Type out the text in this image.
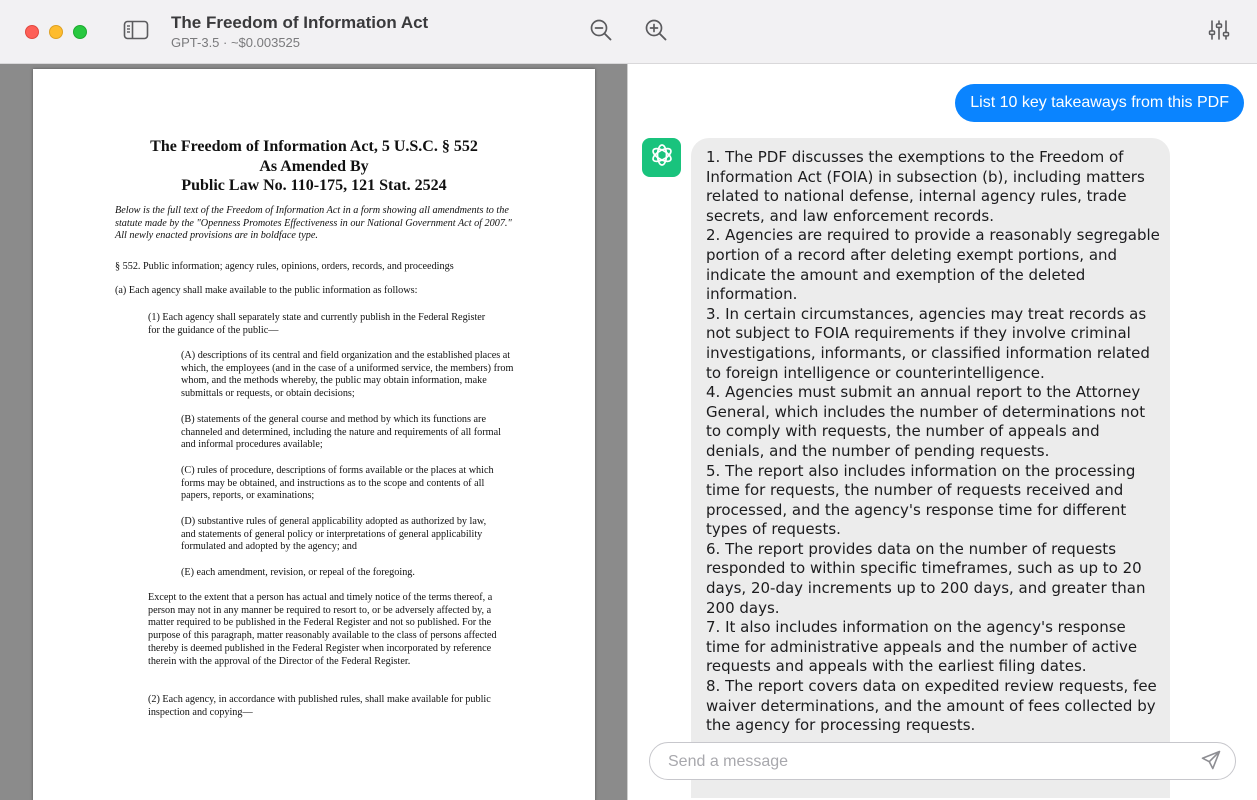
The Freedom of Information Act
GPT-3.5 · ~$0.003525
The Freedom of Information Act, 5 U.S.C. § 552
As Amended By
Public Law No. 110-175, 121 Stat. 2524
Below is the full text of the Freedom of Information Act in a form showing all amendments to the statute made by the "Openness Promotes Effectiveness in our National Government Act of 2007." All newly enacted provisions are in boldface type.
§ 552. Public information; agency rules, opinions, orders, records, and proceedings
(a) Each agency shall make available to the public information as follows:
(1) Each agency shall separately state and currently publish in the Federal Register for the guidance of the public—
(A) descriptions of its central and field organization and the established places at which, the employees (and in the case of a uniformed service, the members) from whom, and the methods whereby, the public may obtain information, make submittals or requests, or obtain decisions;
(B) statements of the general course and method by which its functions are channeled and determined, including the nature and requirements of all formal and informal procedures available;
(C) rules of procedure, descriptions of forms available or the places at which forms may be obtained, and instructions as to the scope and contents of all papers, reports, or examinations;
(D) substantive rules of general applicability adopted as authorized by law, and statements of general policy or interpretations of general applicability formulated and adopted by the agency; and
(E) each amendment, revision, or repeal of the foregoing.
Except to the extent that a person has actual and timely notice of the terms thereof, a person may not in any manner be required to resort to, or be adversely affected by, a matter required to be published in the Federal Register and not so published. For the purpose of this paragraph, matter reasonably available to the class of persons affected thereby is deemed published in the Federal Register when incorporated by reference therein with the approval of the Director of the Federal Register.
(2) Each agency, in accordance with published rules, shall make available for public inspection and copying—
List 10 key takeaways from this PDF
1. The PDF discusses the exemptions to the Freedom of Information Act (FOIA) in subsection (b), including matters related to national defense, internal agency rules, trade secrets, and law enforcement records.
2. Agencies are required to provide a reasonably segregable portion of a record after deleting exempt portions, and indicate the amount and exemption of the deleted information.
3. In certain circumstances, agencies may treat records as not subject to FOIA requirements if they involve criminal investigations, informants, or classified information related to foreign intelligence or counterintelligence.
4. Agencies must submit an annual report to the Attorney General, which includes the number of determinations not to comply with requests, the number of appeals and denials, and the number of pending requests.
5. The report also includes information on the processing time for requests, the number of requests received and processed, and the agency's response time for different types of requests.
6. The report provides data on the number of requests responded to within specific timeframes, such as up to 20 days, 20-day increments up to 200 days, and greater than 200 days.
7. It also includes information on the agency's response time for administrative appeals and the number of active requests and appeals with the earliest filing dates.
8. The report covers data on expedited review requests, fee waiver determinations, and the amount of fees collected by the agency for processing requests.
Send a message
